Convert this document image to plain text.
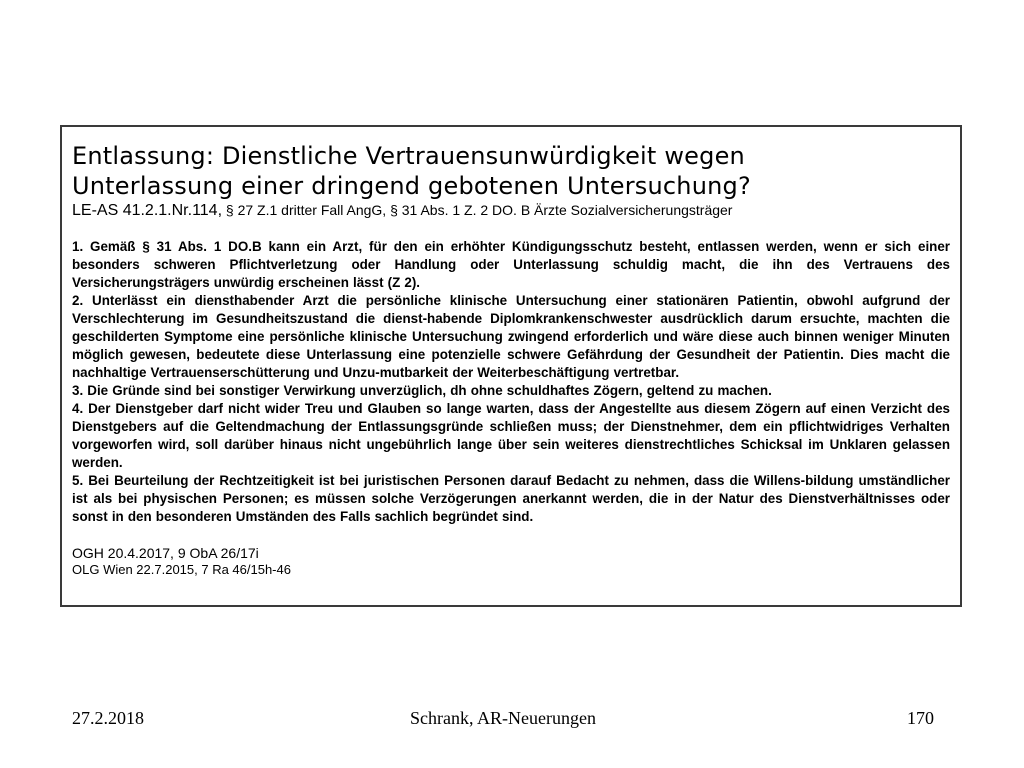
Entlassung: Dienstliche Vertrauensunwürdigkeit wegen
Unterlassung einer dringend gebotenen Untersuchung?

LE-AS 41.2.1.Nr.114, § 27 Z.1 dritter Fall AngG, § 31 Abs. 1 Z. 2 DO. B Ärzte Sozialversicherungsträger

1. Gemäß § 31 Abs. 1 DO.B kann ein Arzt, für den ein erhöhter Kündigungsschutz besteht, entlassen werden, wenn er sich einer besonders schweren Pflichtverletzung oder Handlung oder Unterlassung schuldig macht, die ihn des Vertrauens des Versicherungsträgers unwürdig erscheinen lässt (Z 2).

2. Unterlässt ein diensthabender Arzt die persönliche klinische Untersuchung einer stationären Patientin, obwohl aufgrund der Verschlechterung im Gesundheitszustand die dienst-habende Diplomkrankenschwester ausdrücklich darum ersuchte, machten die geschilderten Symptome eine persönliche klinische Untersuchung zwingend erforderlich und wäre diese auch binnen weniger Minuten möglich gewesen, bedeutete diese Unterlassung eine potenzielle schwere Gefährdung der Gesundheit der Patientin. Dies macht die nachhaltige Vertrauenserschütterung und Unzu-mutbarkeit der Weiterbeschäftigung vertretbar.

3. Die Gründe sind bei sonstiger Verwirkung unverzüglich, dh ohne schuldhaftes Zögern, geltend zu machen.

4. Der Dienstgeber darf nicht wider Treu und Glauben so lange warten, dass der Angestellte aus diesem Zögern auf einen Verzicht des Dienstgebers auf die Geltendmachung der Entlassungsgründe schließen muss; der Dienstnehmer, dem ein pflichtwidriges Verhalten vorgeworfen wird, soll darüber hinaus nicht ungebührlich lange über sein weiteres dienstrechtliches Schicksal im Unklaren gelassen werden.

5. Bei Beurteilung der Rechtzeitigkeit ist bei juristischen Personen darauf Bedacht zu nehmen, dass die Willens-bildung umständlicher ist als bei physischen Personen; es müssen solche Verzögerungen anerkannt werden, die in der Natur des Dienstverhältnisses oder sonst in den besonderen Umständen des Falls sachlich begründet sind.

OGH 20.4.2017, 9 ObA 26/17i

OLG Wien 22.7.2015, 7 Ra 46/15h-46

27.2.2018	Schrank, AR-Neuerungen	170
